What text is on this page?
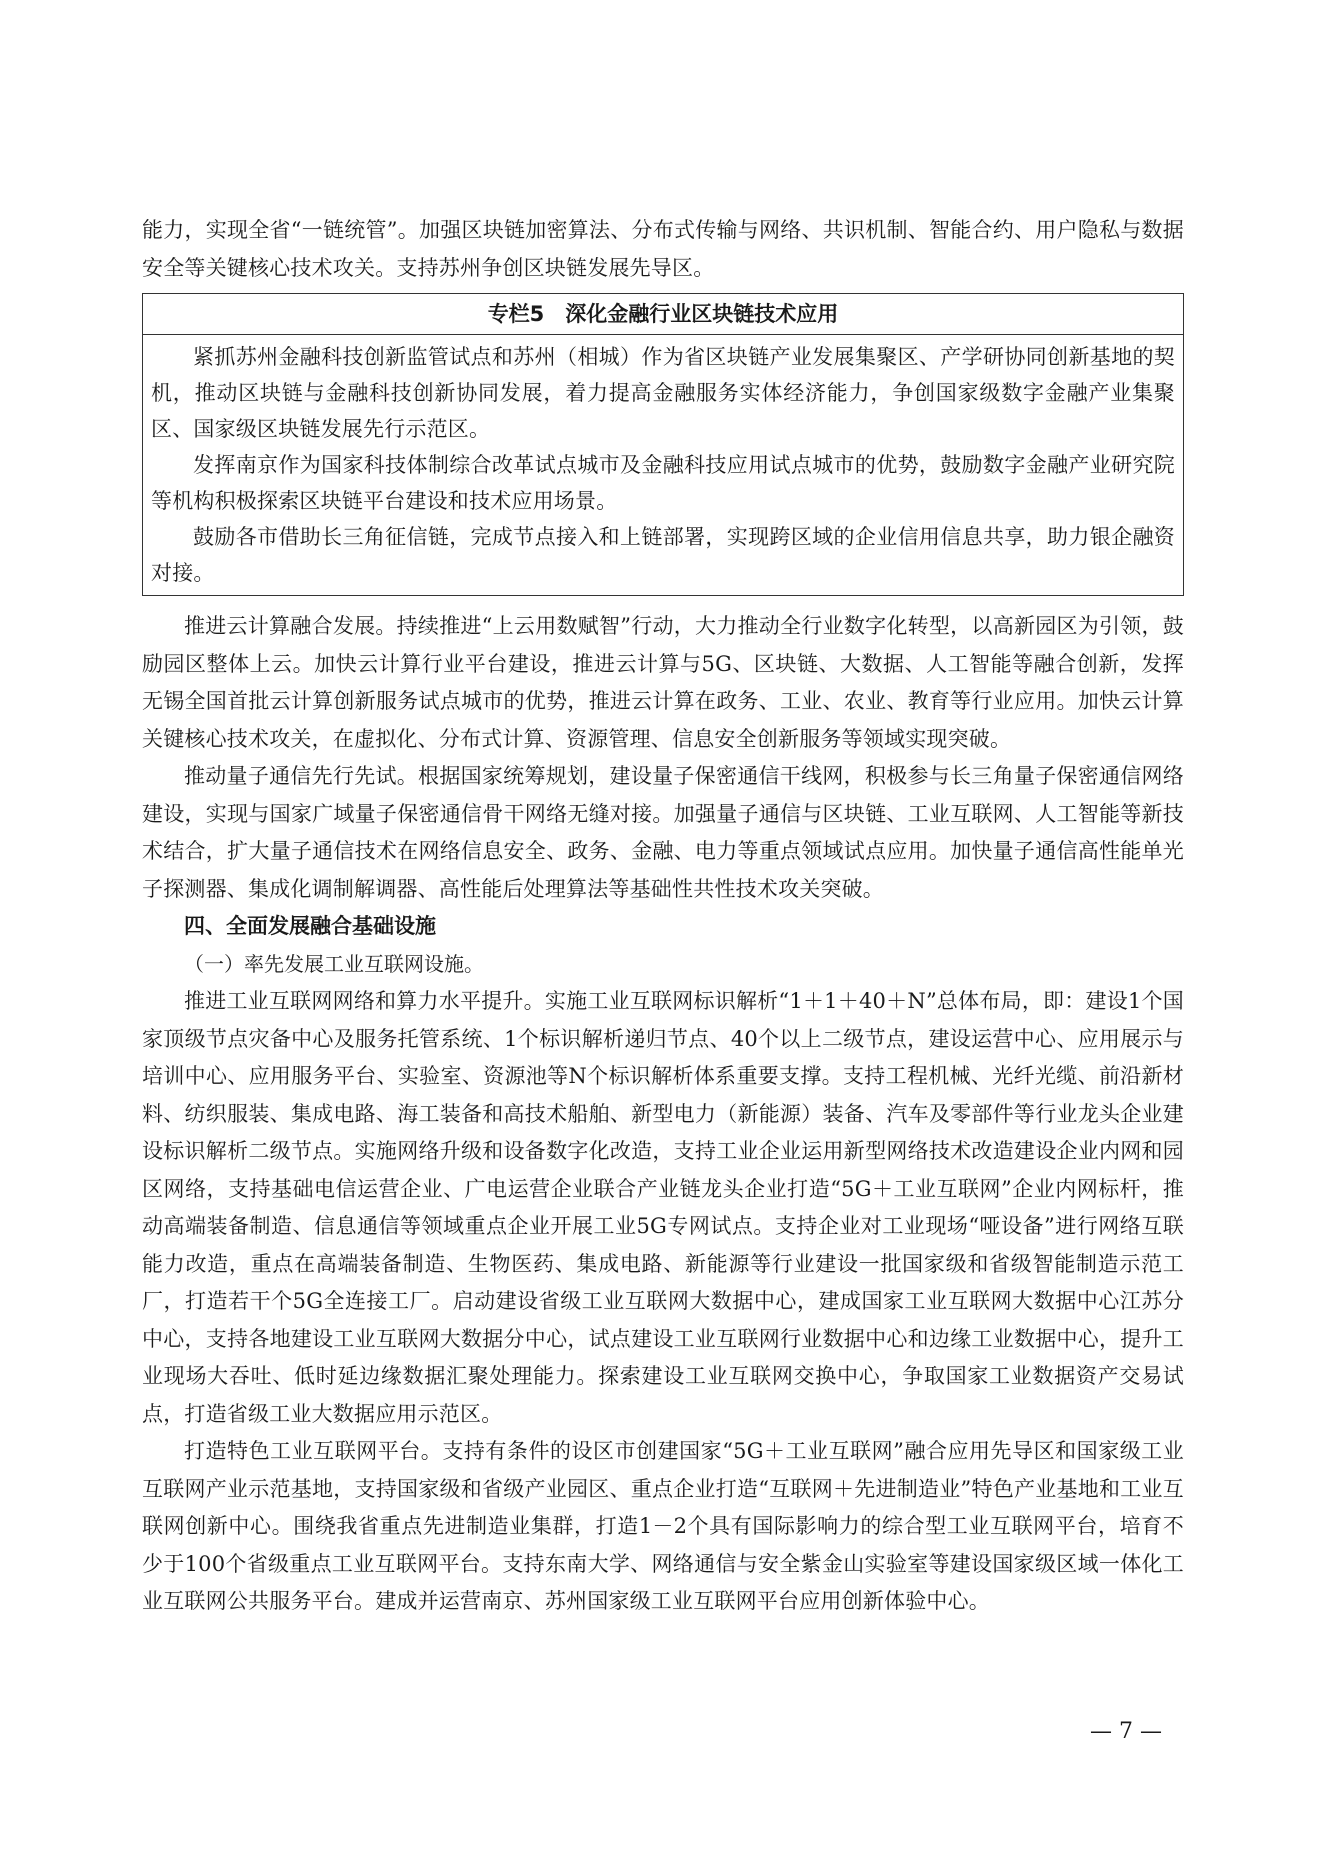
能力，实现全省“一链统管”。加强区块链加密算法、分布式传输与网络、共识机制、智能合约、用户隐私与数据安全等关键核心技术攻关。支持苏州争创区块链发展先导区。

专栏5　深化金融行业区块链技术应用

紧抓苏州金融科技创新监管试点和苏州（相城）作为省区块链产业发展集聚区、产学研协同创新基地的契机，推动区块链与金融科技创新协同发展，着力提高金融服务实体经济能力，争创国家级数字金融产业集聚区、国家级区块链发展先行示范区。

发挥南京作为国家科技体制综合改革试点城市及金融科技应用试点城市的优势，鼓励数字金融产业研究院等机构积极探索区块链平台建设和技术应用场景。

鼓励各市借助长三角征信链，完成节点接入和上链部署，实现跨区域的企业信用信息共享，助力银企融资对接。

推进云计算融合发展。持续推进“上云用数赋智”行动，大力推动全行业数字化转型，以高新园区为引领，鼓励园区整体上云。加快云计算行业平台建设，推进云计算与5G、区块链、大数据、人工智能等融合创新，发挥无锡全国首批云计算创新服务试点城市的优势，推进云计算在政务、工业、农业、教育等行业应用。加快云计算关键核心技术攻关，在虚拟化、分布式计算、资源管理、信息安全创新服务等领域实现突破。

推动量子通信先行先试。根据国家统筹规划，建设量子保密通信干线网，积极参与长三角量子保密通信网络建设，实现与国家广域量子保密通信骨干网络无缝对接。加强量子通信与区块链、工业互联网、人工智能等新技术结合，扩大量子通信技术在网络信息安全、政务、金融、电力等重点领域试点应用。加快量子通信高性能单光子探测器、集成化调制解调器、高性能后处理算法等基础性共性技术攻关突破。

四、全面发展融合基础设施
（一）率先发展工业互联网设施。

推进工业互联网网络和算力水平提升。实施工业互联网标识解析“1＋1＋40＋N”总体布局，即：建设1个国家顶级节点灾备中心及服务托管系统、1个标识解析递归节点、40个以上二级节点，建设运营中心、应用展示与培训中心、应用服务平台、实验室、资源池等N个标识解析体系重要支撑。支持工程机械、光纤光缆、前沿新材料、纺织服装、集成电路、海工装备和高技术船舶、新型电力（新能源）装备、汽车及零部件等行业龙头企业建设标识解析二级节点。实施网络升级和设备数字化改造，支持工业企业运用新型网络技术改造建设企业内网和园区网络，支持基础电信运营企业、广电运营企业联合产业链龙头企业打造“5G＋工业互联网”企业内网标杆，推动高端装备制造、信息通信等领域重点企业开展工业5G专网试点。支持企业对工业现场“哑设备”进行网络互联能力改造，重点在高端装备制造、生物医药、集成电路、新能源等行业建设一批国家级和省级智能制造示范工厂，打造若干个5G全连接工厂。启动建设省级工业互联网大数据中心，建成国家工业互联网大数据中心江苏分中心，支持各地建设工业互联网大数据分中心，试点建设工业互联网行业数据中心和边缘工业数据中心，提升工业现场大吞吐、低时延边缘数据汇聚处理能力。探索建设工业互联网交换中心，争取国家工业数据资产交易试点，打造省级工业大数据应用示范区。

打造特色工业互联网平台。支持有条件的设区市创建国家“5G＋工业互联网”融合应用先导区和国家级工业互联网产业示范基地，支持国家级和省级产业园区、重点企业打造“互联网＋先进制造业”特色产业基地和工业互联网创新中心。围绕我省重点先进制造业集群，打造1－2个具有国际影响力的综合型工业互联网平台，培育不少于100个省级重点工业互联网平台。支持东南大学、网络通信与安全紫金山实验室等建设国家级区域一体化工业互联网公共服务平台。建成并运营南京、苏州国家级工业互联网平台应用创新体验中心。

— 7 —
